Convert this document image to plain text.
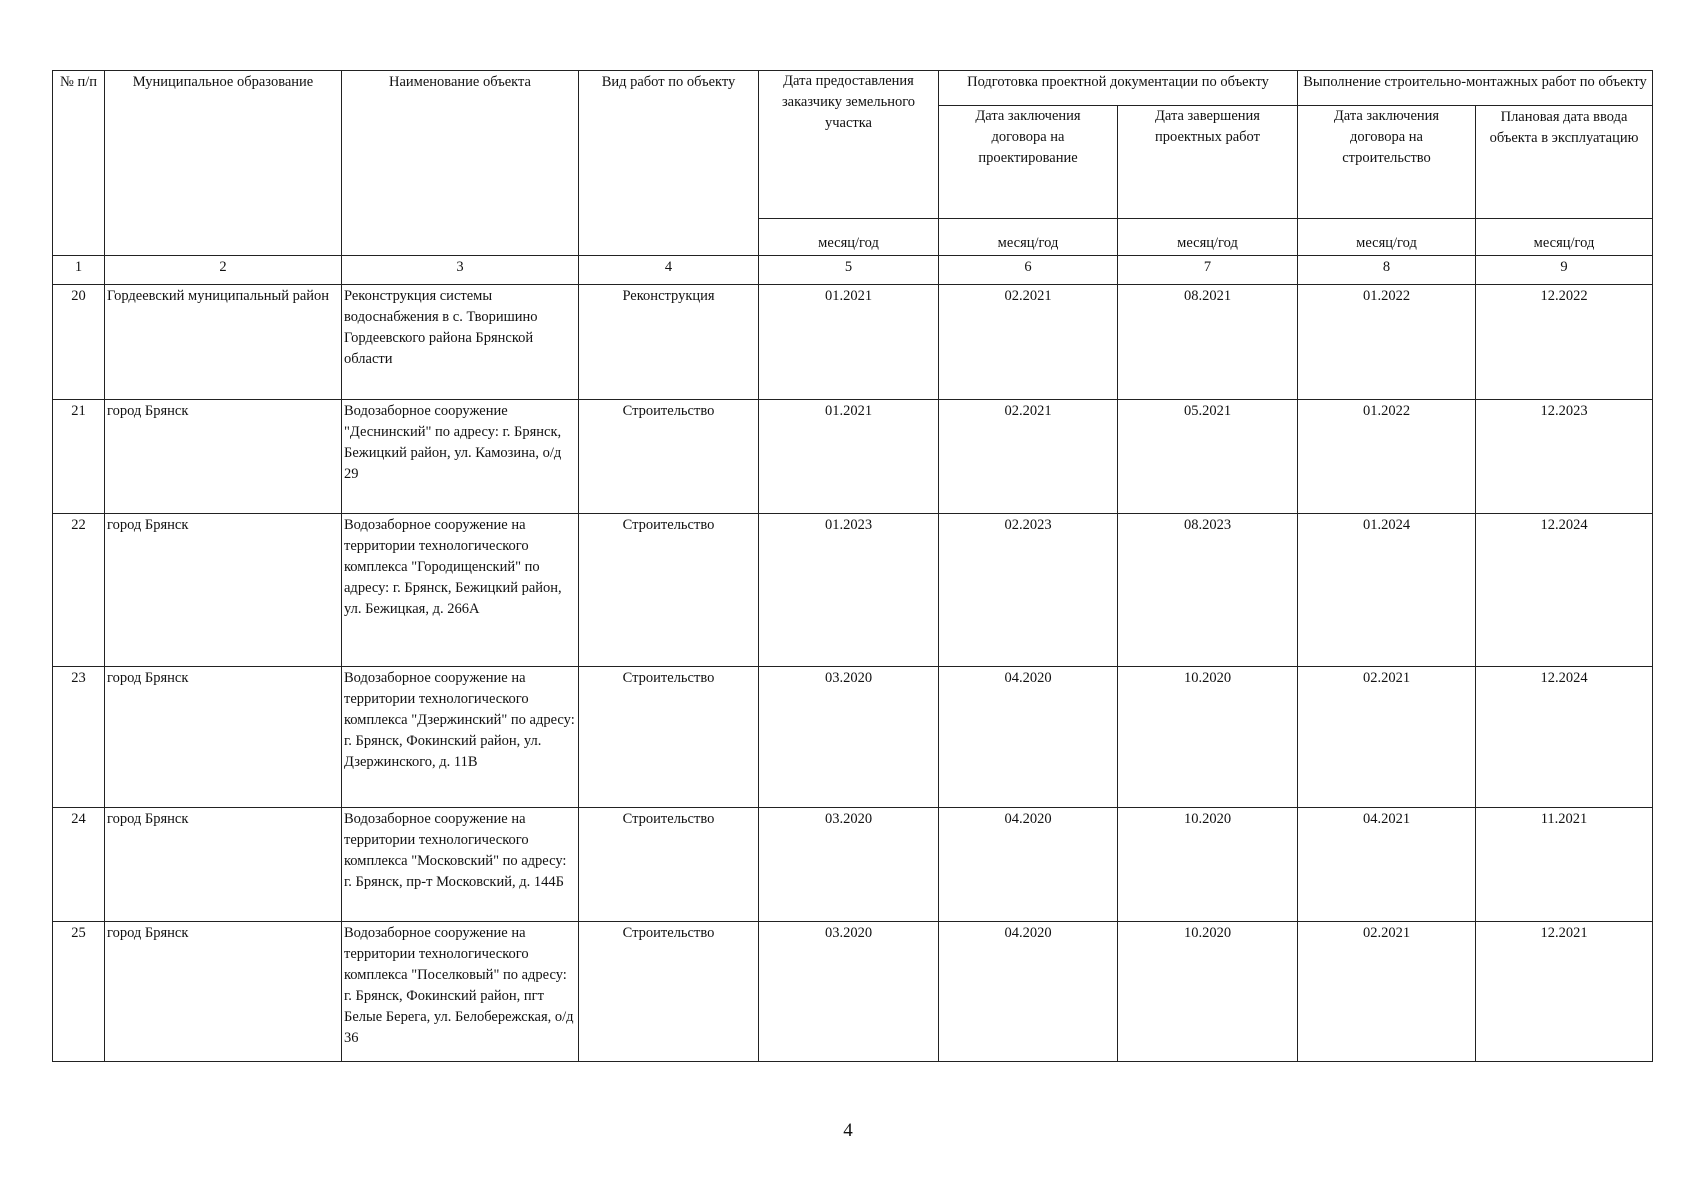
№ п/п	Муниципальное образование	Наименование объекта	Вид работ по объекту	Дата предоставления заказчику земельного участка	Подготовка проектной документации по объекту		Выполнение строительно-монтажных работ по объекту	
					Дата заключения договора на проектирование	Дата завершения проектных работ	Дата заключения договора на строительство	Плановая дата ввода объекта в эксплуатацию
				месяц/год	месяц/год	месяц/год	месяц/год	месяц/год
1	2	3	4	5	6	7	8	9
20	Гордеевский муниципальный район	Реконструкция системы водоснабжения в с. Творишино Гордеевского района Брянской области	Реконструкция	01.2021	02.2021	08.2021	01.2022	12.2022
21	город Брянск	Водозаборное сооружение "Деснинский" по адресу: г. Брянск, Бежицкий район, ул. Камозина, о/д 29	Строительство	01.2021	02.2021	05.2021	01.2022	12.2023
22	город Брянск	Водозаборное сооружение на территории технологического комплекса "Городищенский" по адресу: г. Брянск, Бежицкий район, ул. Бежицкая, д. 266А	Строительство	01.2023	02.2023	08.2023	01.2024	12.2024
23	город Брянск	Водозаборное сооружение на территории технологического комплекса "Дзержинский" по адресу: г. Брянск, Фокинский район, ул. Дзержинского, д. 11В	Строительство	03.2020	04.2020	10.2020	02.2021	12.2024
24	город Брянск	Водозаборное сооружение на территории технологического комплекса "Московский" по адресу: г. Брянск, пр-т Московский, д. 144Б	Строительство	03.2020	04.2020	10.2020	04.2021	11.2021
25	город Брянск	Водозаборное сооружение на территории технологического комплекса "Поселковый" по адресу: г. Брянск, Фокинский район, пгт Белые Берега, ул. Белобережская, о/д 36	Строительство	03.2020	04.2020	10.2020	02.2021	12.2021
4
